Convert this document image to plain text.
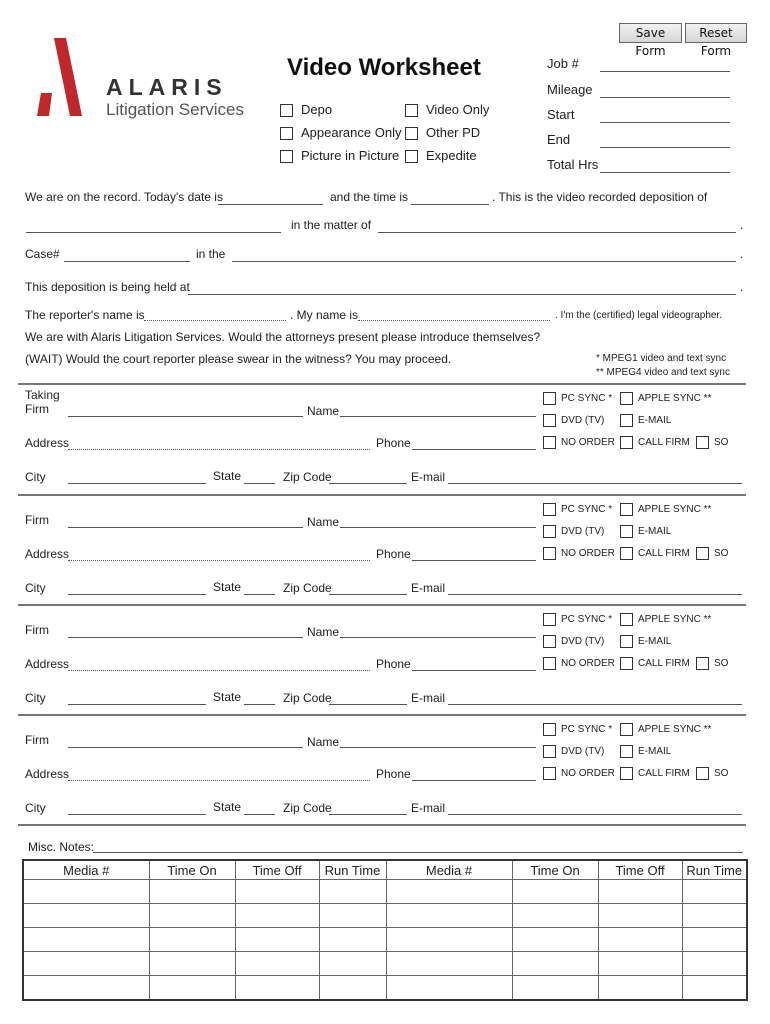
Save Form
Reset Form
ALARIS
Litigation Services
Video Worksheet
Depo	Video Only
Appearance Only Other PD
Picture in Picture Expedite
Job #
Mileage
Start
End
Total Hrs
We are on the record. Today's date is	and the time is	. This is the video recorded deposition of
in the matter of	.
Case#	in the	.
This deposition is being held at	.
The reporter's name is	. My name is	. I'm the (certified) legal videographer.
We are with Alaris Litigation Services. Would the attorneys present please introduce themselves?
(WAIT) Would the court reporter please swear in the witness? You may proceed.	* MPEG1 video and text sync
** MPEG4 video and text sync
Taking
Firm	Name
Address	Phone
City	State	Zip Code	E-mail
PC SYNC *	APPLE SYNC **
DVD (TV)	E-MAIL
NO ORDER CALL FIRM SO
Firm	Name
Address	Phone
City	State	Zip Code	E-mail
PC SYNC *	APPLE SYNC **
DVD (TV)	E-MAIL
NO ORDER CALL FIRM SO
Firm	Name
Address	Phone
City	State	Zip Code	E-mail
PC SYNC *	APPLE SYNC **
DVD (TV)	E-MAIL
NO ORDER CALL FIRM SO
Firm	Name
Address	Phone
City	State	Zip Code	E-mail
PC SYNC *	APPLE SYNC **
DVD (TV)	E-MAIL
NO ORDER CALL FIRM SO
Misc. Notes:
Media #	Time On	Time Off	Run Time	Media #	Time On	Time Off	Run Time
